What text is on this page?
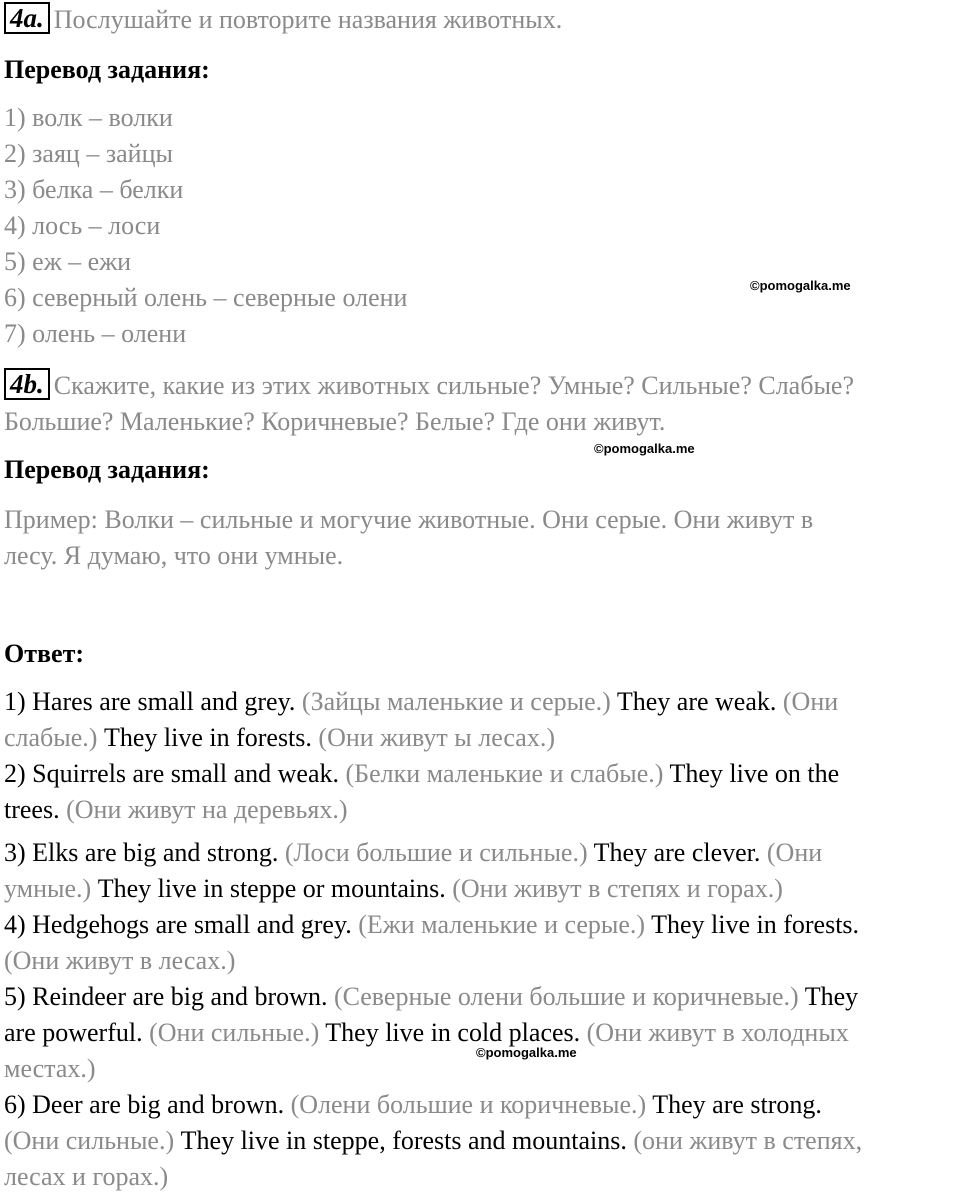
4a. Послушайте и повторите названия животных.
Перевод задания:
1) волк – волки
2) заяц – зайцы
3) белка – белки
4) лось – лоси
5) еж – ежи
6) северный олень – северные олени
7) олень – олени
©pomogalka.me
4b. Скажите, какие из этих животных сильные? Умные? Сильные? Слабые?
Большие? Маленькие? Коричневые? Белые? Где они живут.
©pomogalka.me
Перевод задания:
Пример: Волки – сильные и могучие животные. Они серые. Они живут в
лесу. Я думаю, что они умные.
Ответ:
1) Hares are small and grey. (Зайцы маленькие и серые.) They are weak. (Они
слабые.) They live in forests. (Они живут ы лесах.)
2) Squirrels are small and weak. (Белки маленькие и слабые.) They live on the
trees. (Они живут на деревьях.)
3) Elks are big and strong. (Лоси большие и сильные.) They are clever. (Они
умные.) They live in steppe or mountains. (Они живут в степях и горах.)
4) Hedgehogs are small and grey. (Ежи маленькие и серые.) They live in forests.
(Они живут в лесах.)
5) Reindeer are big and brown. (Северные олени большие и коричневые.) They
are powerful. (Они сильные.) They live in cold places. (Они живут в холодных
местах.)
©pomogalka.me
6) Deer are big and brown. (Олени большие и коричневые.) They are strong.
(Они сильные.) They live in steppe, forests and mountains. (они живут в степях,
лесах и горах.)
